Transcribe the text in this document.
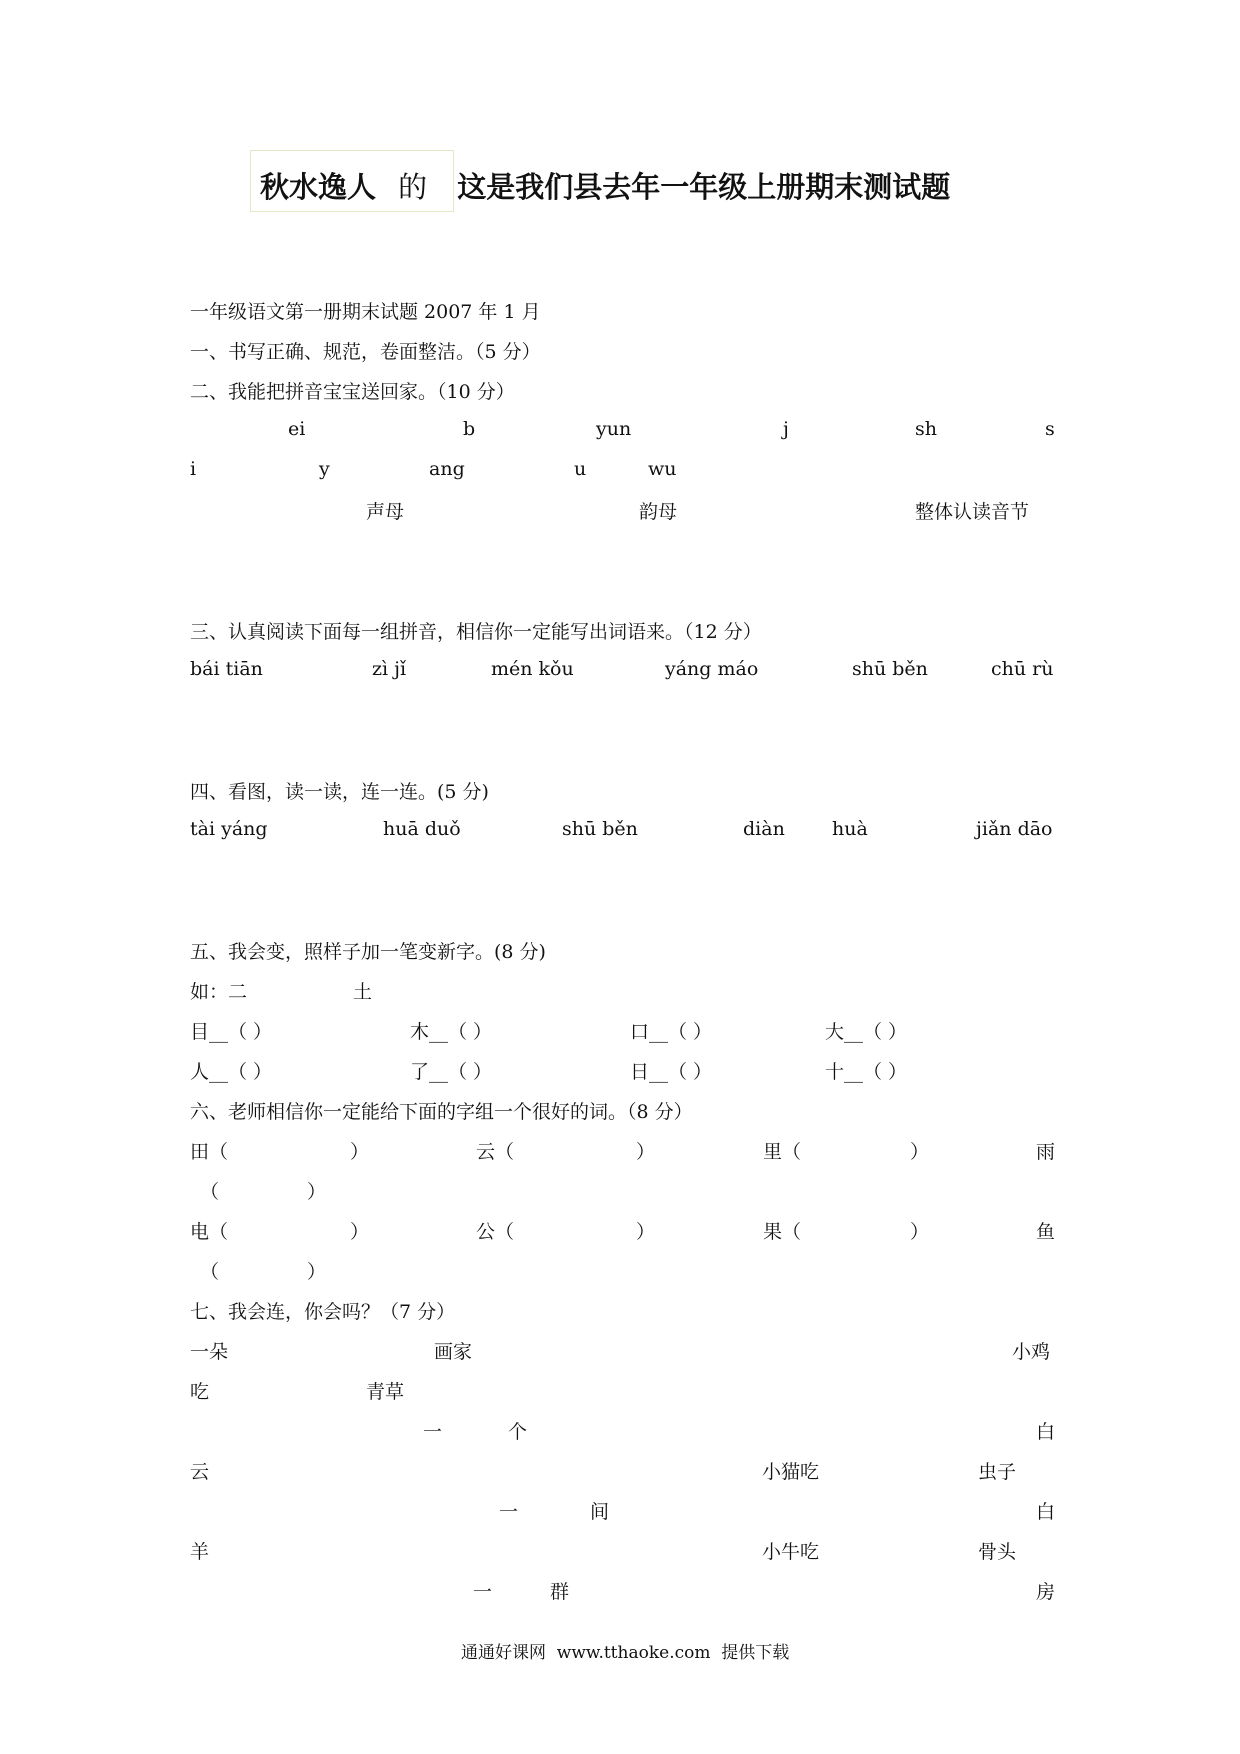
秋水逸人 的 这是我们县去年一年级上册期末测试题
一年级语文第一册期末试题 2007 年 1 月
一、书写正确、规范，卷面整洁。（5 分）
二、我能把拼音宝宝送回家。（10 分）
ei	b	yun	j	sh	s
i	y	ang	u	wu
声母	韵母	整体认读音节
三、认真阅读下面每一组拼音，相信你一定能写出词语来。（12 分）
bái tiān	zì jǐ	mén kǒu	yáng máo	shū běn	chū rù
四、看图，读一读，连一连。(5 分)
tài yáng	huā duǒ	shū běn	diàn huà	jiǎn dāo
五、我会变，照样子加一笔变新字。(8 分)
如：二	土
目__（ ）	木__（ ）	口__（ ）	大__（ ）
人__（ ）	了__（ ）	日__（ ）	十__（ ）
六、老师相信你一定能给下面的字组一个很好的词。（8 分）
田（	）	云（	）	里（	）	雨
（	）
电（	）	公（	）	果（	）	鱼
（	）
七、我会连，你会吗？（7 分）
一朵	画家	小鸡
吃	青草
一	个	白
云	小猫吃	虫子
一	间	白
羊	小牛吃	骨头
一	群	房
通通好课网  www.tthaoke.com  提供下载
